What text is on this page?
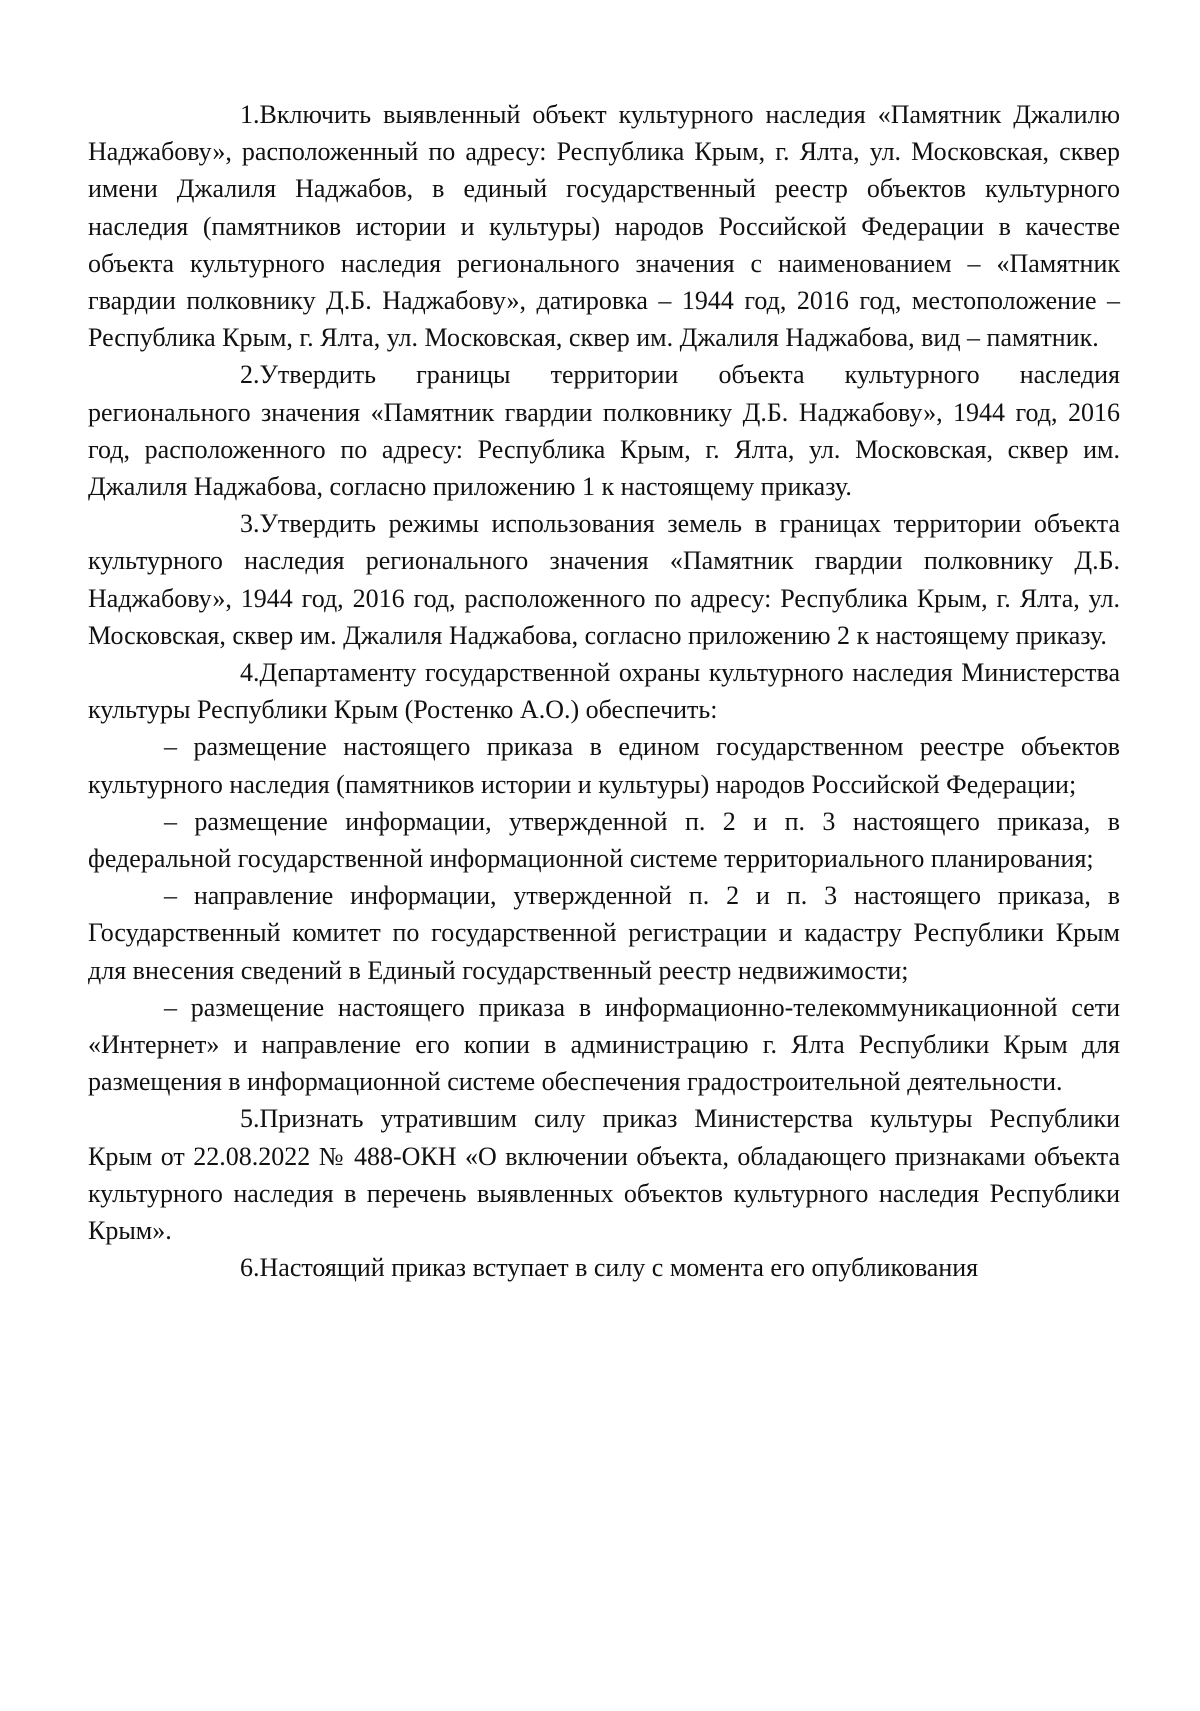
1.Включить выявленный объект культурного наследия «Памятник Джалилю Наджабову», расположенный по адресу: Республика Крым, г. Ялта, ул. Московская, сквер имени Джалиля Наджабов, в единый государственный реестр объектов культурного наследия (памятников истории и культуры) народов Российской Федерации в качестве объекта культурного наследия регионального значения с наименованием – «Памятник гвардии полковнику Д.Б. Наджабову», датировка – 1944 год, 2016 год, местоположение – Республика Крым, г. Ялта, ул. Московская, сквер им. Джалиля Наджабова, вид – памятник.

2.Утвердить границы территории объекта культурного наследия регионального значения «Памятник гвардии полковнику Д.Б. Наджабову», 1944 год, 2016 год, расположенного по адресу: Республика Крым, г. Ялта, ул. Московская, сквер им. Джалиля Наджабова, согласно приложению 1 к настоящему приказу.

3.Утвердить режимы использования земель в границах территории объекта культурного наследия регионального значения «Памятник гвардии полковнику Д.Б. Наджабову», 1944 год, 2016 год, расположенного по адресу: Республика Крым, г. Ялта, ул. Московская, сквер им. Джалиля Наджабова, согласно приложению 2 к настоящему приказу.

4.Департаменту государственной охраны культурного наследия Министерства культуры Республики Крым (Ростенко А.О.) обеспечить:

– размещение настоящего приказа в едином государственном реестре объектов культурного наследия (памятников истории и культуры) народов Российской Федерации;

– размещение информации, утвержденной п. 2 и п. 3 настоящего приказа, в федеральной государственной информационной системе территориального планирования;

– направление информации, утвержденной п. 2 и п. 3 настоящего приказа, в Государственный комитет по государственной регистрации и кадастру Республики Крым для внесения сведений в Единый государственный реестр недвижимости;

– размещение настоящего приказа в информационно-телекоммуникационной сети «Интернет» и направление его копии в администрацию г. Ялта Республики Крым для размещения в информационной системе обеспечения градостроительной деятельности.

5.Признать утратившим силу приказ Министерства культуры Республики Крым от 22.08.2022 № 488-ОКН «О включении объекта, обладающего признаками объекта культурного наследия в перечень выявленных объектов культурного наследия Республики Крым».

6.Настоящий приказ вступает в силу с момента его опубликования
